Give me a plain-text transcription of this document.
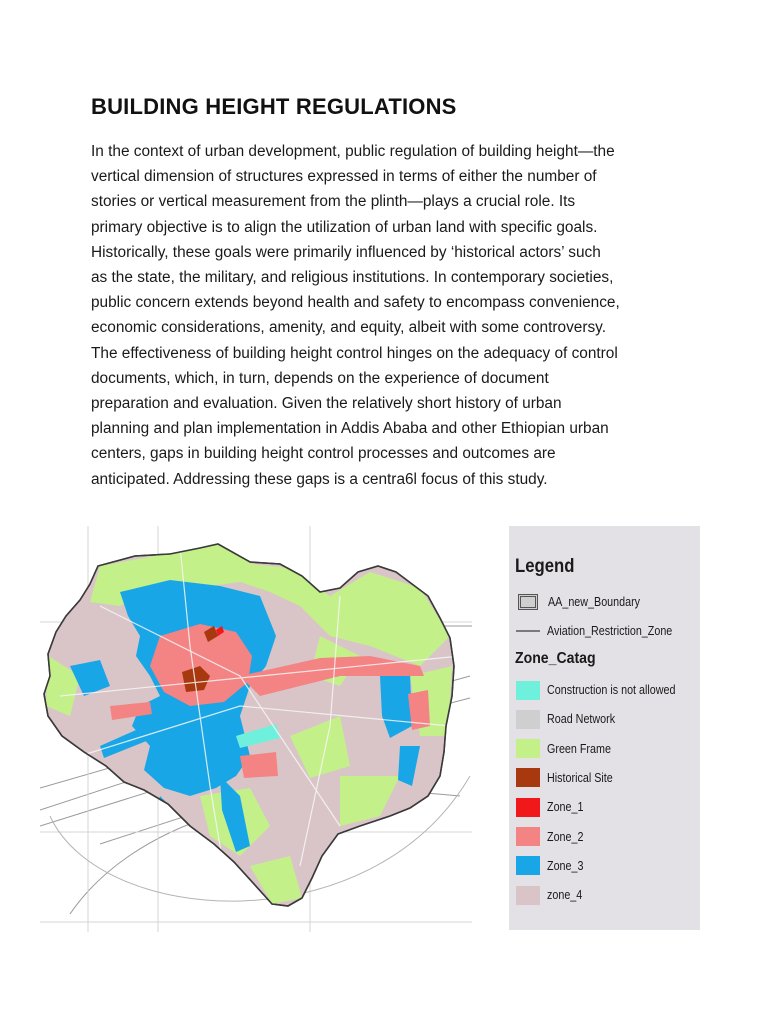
BUILDING HEIGHT REGULATIONS

In the context of urban development, public regulation of building height—the
vertical dimension of structures expressed in terms of either the number of
stories or vertical measurement from the plinth—plays a crucial role. Its
primary objective is to align the utilization of urban land with specific goals.
Historically, these goals were primarily influenced by ‘historical actors’ such
as the state, the military, and religious institutions. In contemporary societies,
public concern extends beyond health and safety to encompass convenience,
economic considerations, amenity, and equity, albeit with some controversy.
The effectiveness of building height control hinges on the adequacy of control
documents, which, in turn, depends on the experience of document
preparation and evaluation. Given the relatively short history of urban
planning and plan implementation in Addis Ababa and other Ethiopian urban
centers, gaps in building height control processes and outcomes are
anticipated. Addressing these gaps is a centra6l focus of this study.

Legend
AA_new_Boundary
Aviation_Restriction_Zone
Zone_Catag
Construction is not allowed
Road Network
Green Frame
Historical Site
Zone_1
Zone_2
Zone_3
zone_4
